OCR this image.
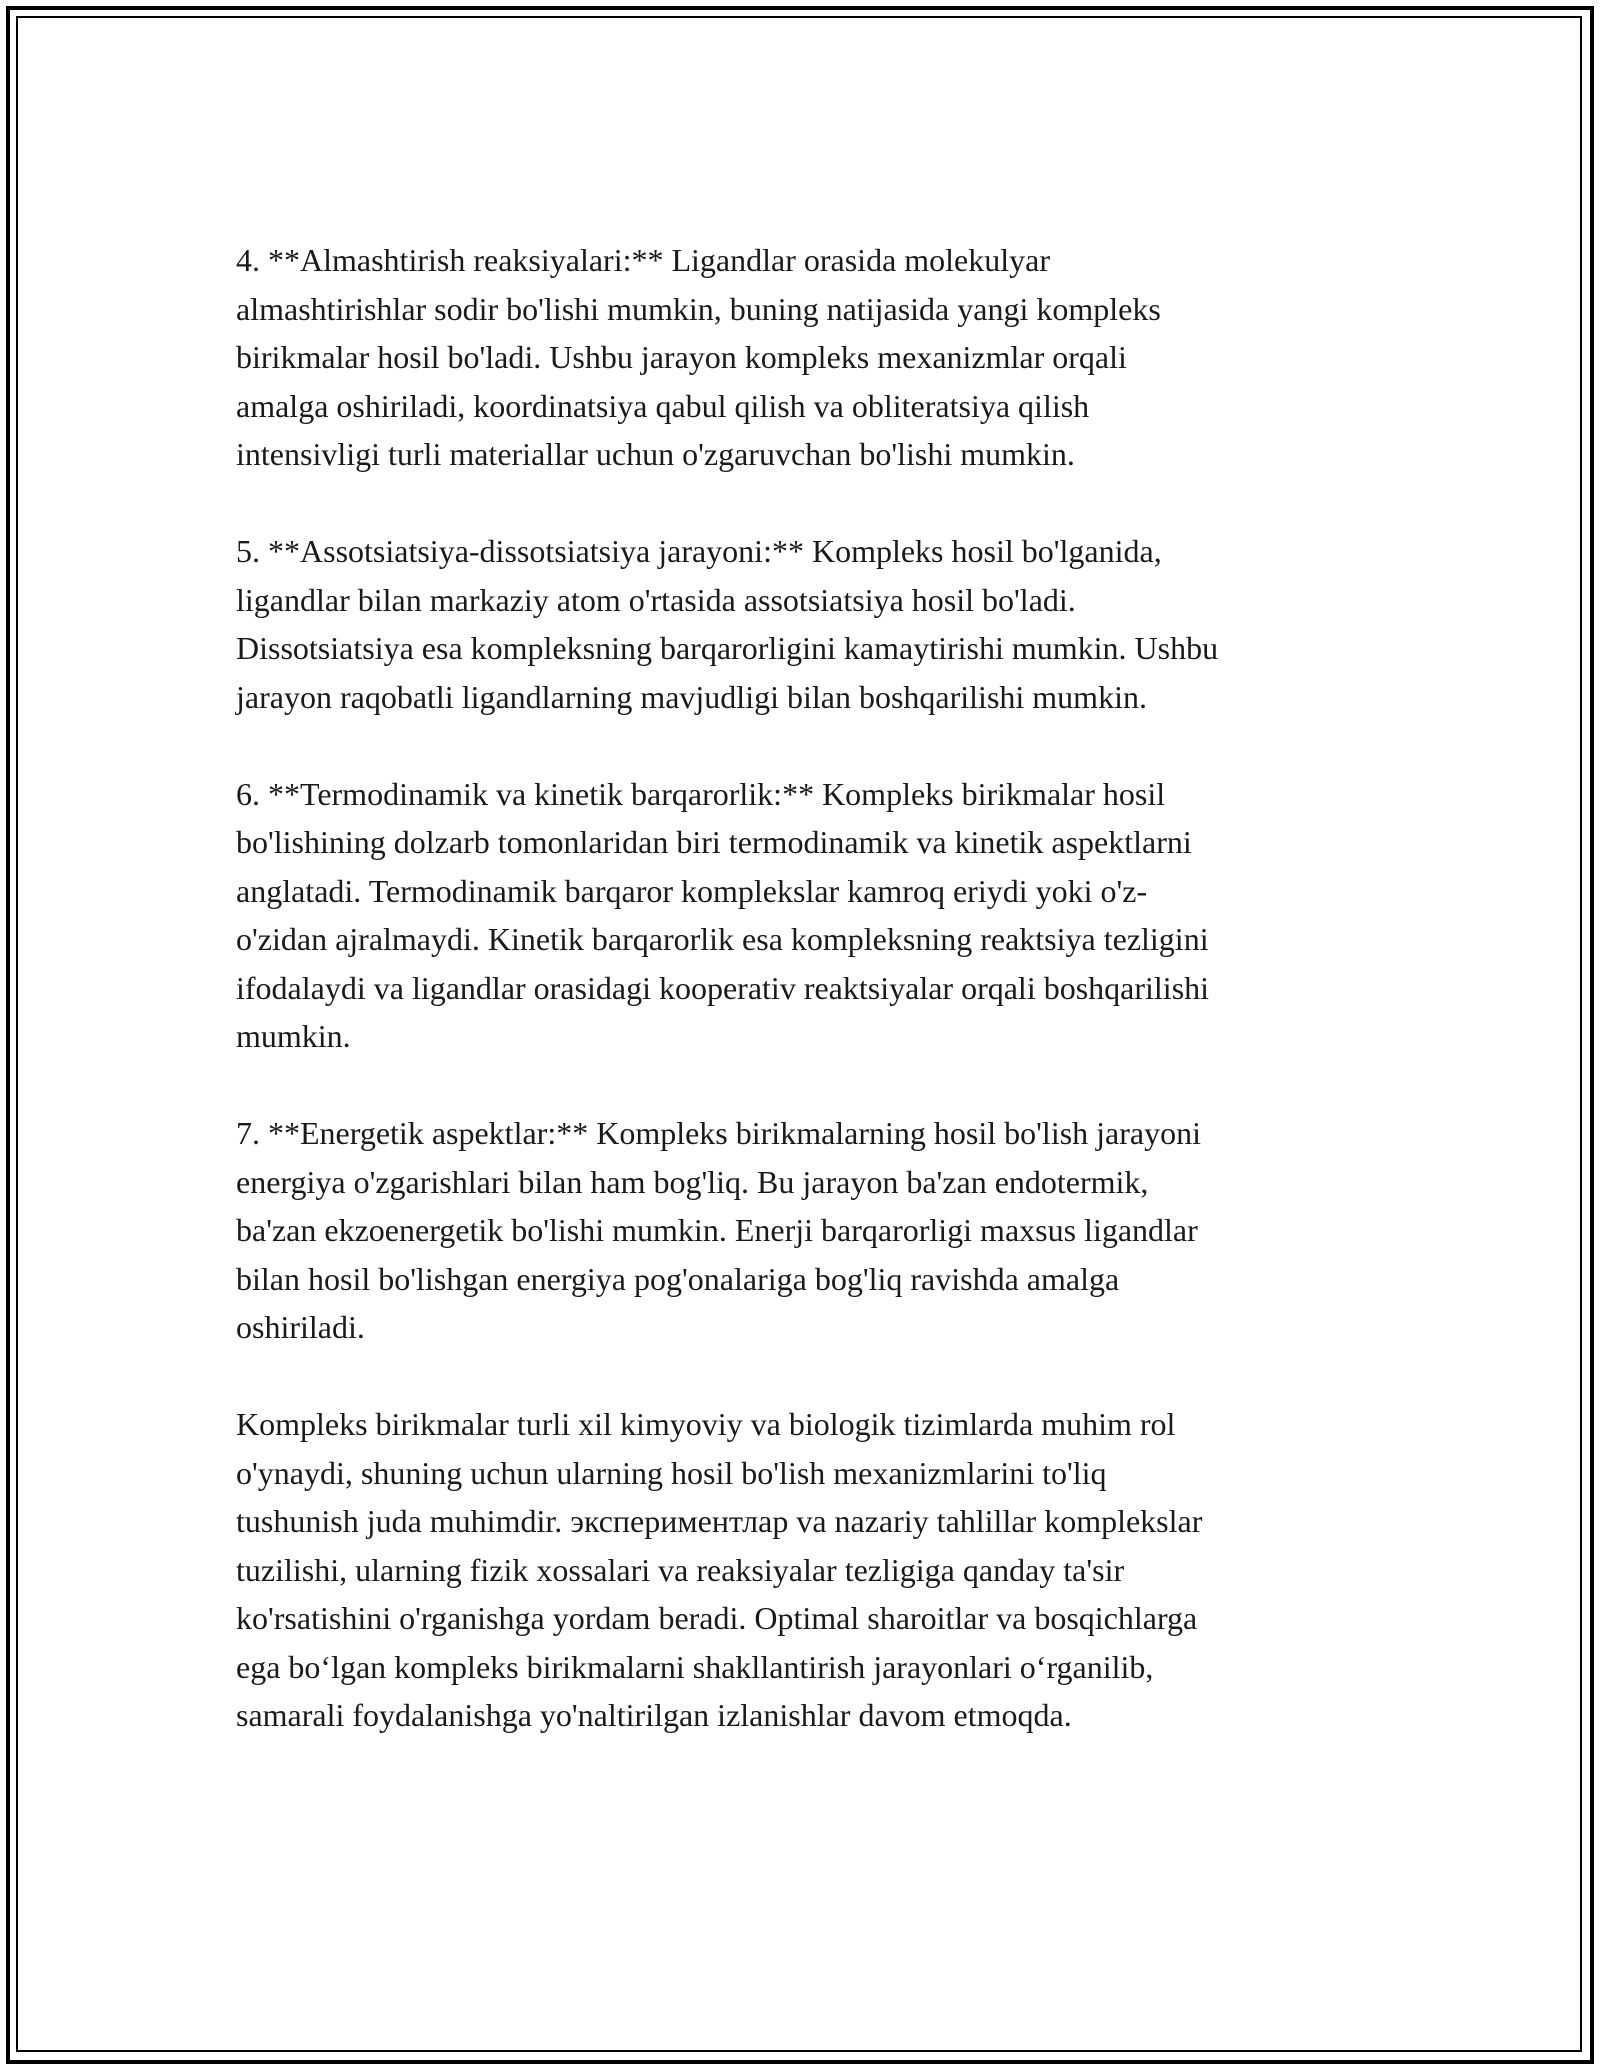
4. **Almashtirish reaksiyalari:** Ligandlar orasida molekulyar
almashtirishlar sodir bo'lishi mumkin, buning natijasida yangi kompleks
birikmalar hosil bo'ladi. Ushbu jarayon kompleks mexanizmlar orqali
amalga oshiriladi, koordinatsiya qabul qilish va obliteratsiya qilish
intensivligi turli materiallar uchun o'zgaruvchan bo'lishi mumkin.

5. **Assotsiatsiya-dissotsiatsiya jarayoni:** Kompleks hosil bo'lganida,
ligandlar bilan markaziy atom o'rtasida assotsiatsiya hosil bo'ladi.
Dissotsiatsiya esa kompleksning barqarorligini kamaytirishi mumkin. Ushbu
jarayon raqobatli ligandlarning mavjudligi bilan boshqarilishi mumkin.

6. **Termodinamik va kinetik barqarorlik:** Kompleks birikmalar hosil
bo'lishining dolzarb tomonlaridan biri termodinamik va kinetik aspektlarni
anglatadi. Termodinamik barqaror komplekslar kamroq eriydi yoki o'z-
o'zidan ajralmaydi. Kinetik barqarorlik esa kompleksning reaktsiya tezligini
ifodalaydi va ligandlar orasidagi kooperativ reaktsiyalar orqali boshqarilishi
mumkin.

7. **Energetik aspektlar:** Kompleks birikmalarning hosil bo'lish jarayoni
energiya o'zgarishlari bilan ham bog'liq. Bu jarayon ba'zan endotermik,
ba'zan ekzoenergetik bo'lishi mumkin. Enerji barqarorligi maxsus ligandlar
bilan hosil bo'lishgan energiya pog'onalariga bog'liq ravishda amalga
oshiriladi.

Kompleks birikmalar turli xil kimyoviy va biologik tizimlarda muhim rol
o'ynaydi, shuning uchun ularning hosil bo'lish mexanizmlarini to'liq
tushunish juda muhimdir. экспериментлар va nazariy tahlillar komplekslar
tuzilishi, ularning fizik xossalari va reaksiyalar tezligiga qanday ta'sir
ko'rsatishini o'rganishga yordam beradi. Optimal sharoitlar va bosqichlarga
ega bo‘lgan kompleks birikmalarni shakllantirish jarayonlari o‘rganilib,
samarali foydalanishga yo'naltirilgan izlanishlar davom etmoqda.
